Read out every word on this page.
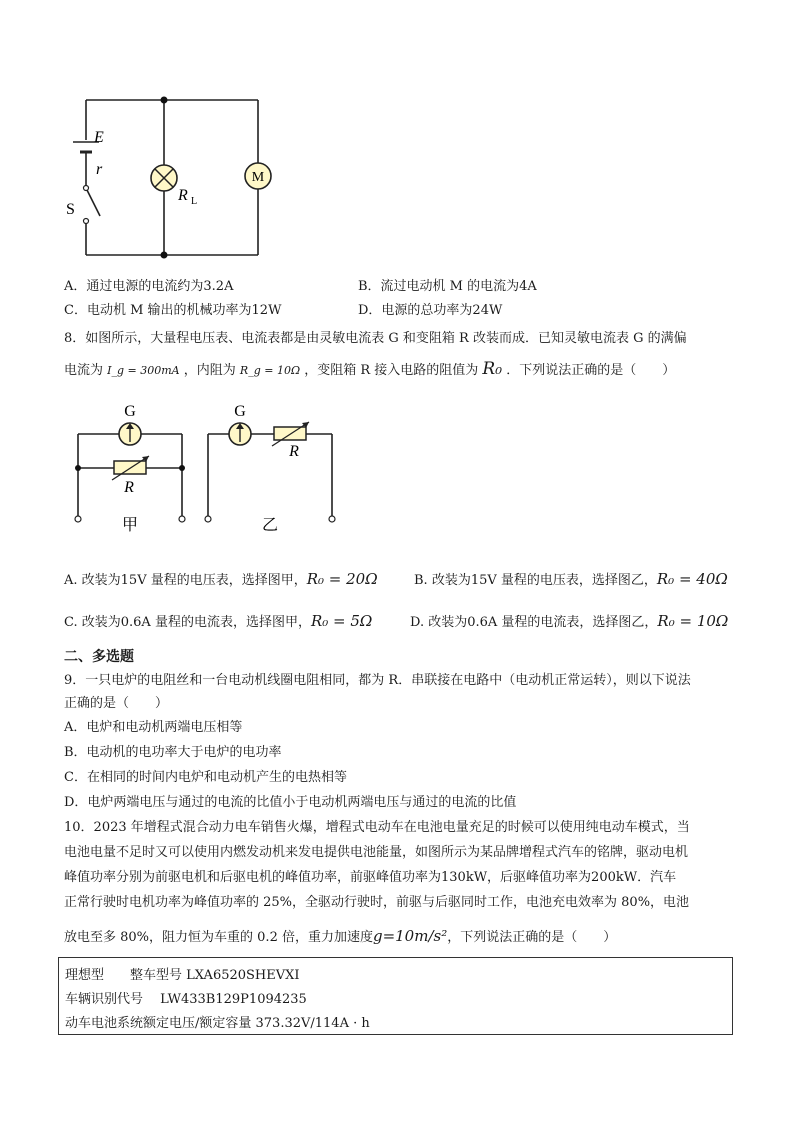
M
E
r
S
R L
A．通过电源的电流约为3.2A	B．流过电动机 M 的电流为4A
C．电动机 M 输出的机械功率为12W	D．电源的总功率为24W
8．如图所示，大量程电压表、电流表都是由灵敏电流表 G 和变阻箱 R 改装而成．已知灵敏电流表 G 的满偏
电流为 I_g = 300mA ，内阻为 R_g = 10Ω ，变阻箱 R 接入电路的阻值为 R₀ ．下列说法正确的是（　　）
G
R
甲
G
R
乙
A. 改装为15V 量程的电压表，选择图甲，R₀ = 20Ω	B. 改装为15V 量程的电压表，选择图乙，R₀ = 40Ω
C. 改装为0.6A 量程的电流表，选择图甲，R₀ = 5Ω	D. 改装为0.6A 量程的电流表，选择图乙，R₀ = 10Ω
二、多选题
9．一只电炉的电阻丝和一台电动机线圈电阻相同，都为 R．串联接在电路中（电动机正常运转），则以下说法
正确的是（　　）
A．电炉和电动机两端电压相等
B．电动机的电功率大于电炉的电功率
C．在相同的时间内电炉和电动机产生的电热相等
D．电炉两端电压与通过的电流的比值小于电动机两端电压与通过的电流的比值
10．2023 年增程式混合动力电车销售火爆，增程式电动车在电池电量充足的时候可以使用纯电动车模式，当
电池电量不足时又可以使用内燃发动机来发电提供电池能量，如图所示为某品牌增程式汽车的铭牌，驱动电机
峰值功率分别为前驱电机和后驱电机的峰值功率，前驱峰值功率为130kW，后驱峰值功率为200kW．汽车
正常行驶时电机功率为峰值功率的 25%，全驱动行驶时，前驱与后驱同时工作，电池充电效率为 80%，电池
放电至多 80%，阻力恒为车重的 0.2 倍，重力加速度g=10m/s²，下列说法正确的是（　　）
理想型　　整车型号 LXA6520SHEVXI
车辆识别代号　 LW433B129P1094235
动车电池系统额定电压/额定容量 373.32V/114A · h
